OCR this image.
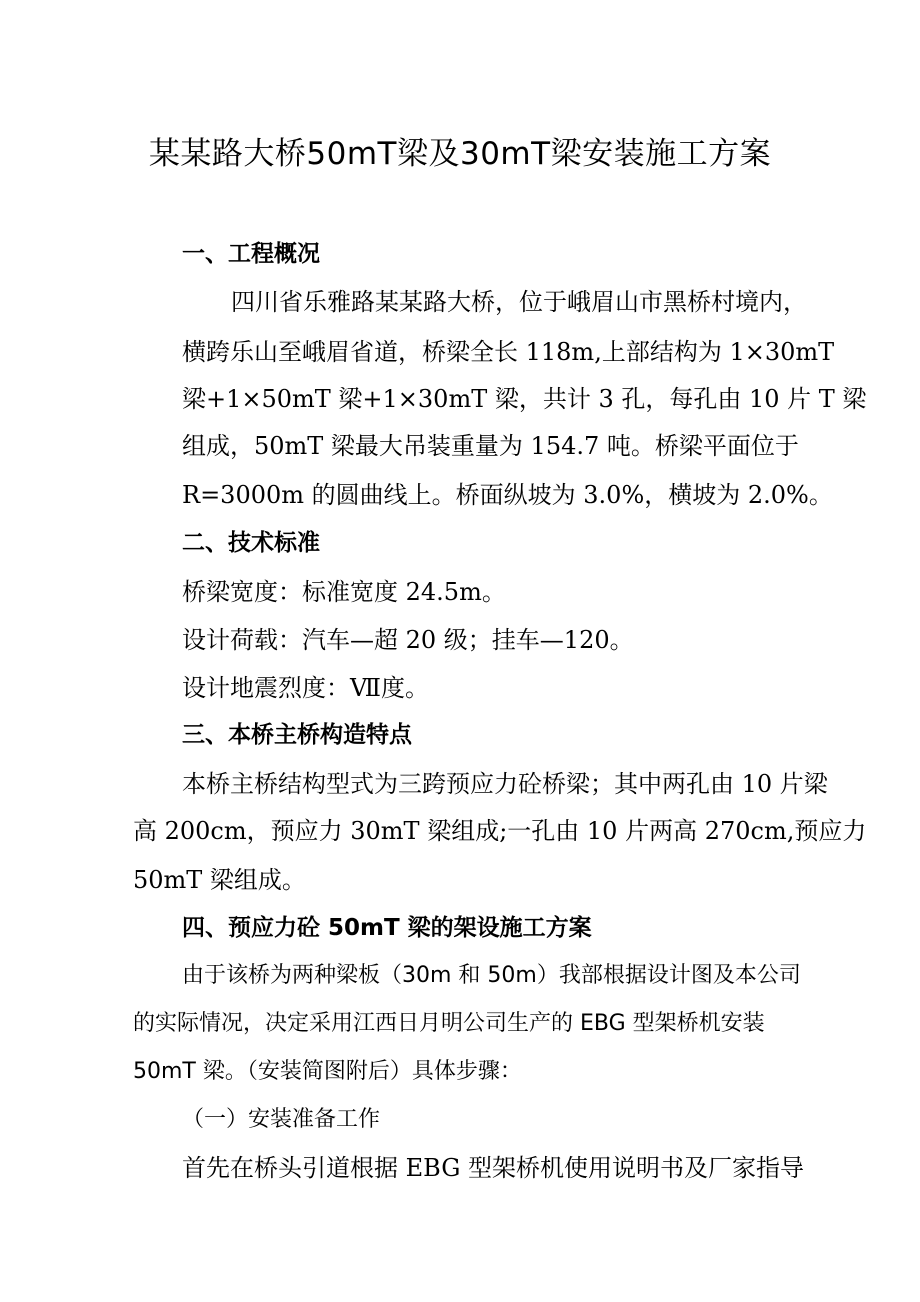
某某路大桥50mT梁及30mT梁安装施工方案
一、工程概况
四川省乐雅路某某路大桥，位于峨眉山市黑桥村境内，
横跨乐山至峨眉省道，桥梁全长 118m,上部结构为 1×30mT
梁+1×50mT 梁+1×30mT 梁，共计 3 孔，每孔由 10 片 T 梁
组成，50mT 梁最大吊装重量为 154.7 吨。桥梁平面位于
R=3000m 的圆曲线上。桥面纵坡为 3.0%，横坡为 2.0%。
二、技术标准
桥梁宽度：标准宽度 24.5m。
设计荷载：汽车—超 20 级；挂车—120。
设计地震烈度：Ⅶ度。
三、本桥主桥构造特点
本桥主桥结构型式为三跨预应力砼桥梁；其中两孔由 10 片梁
高 200cm，预应力 30mT 梁组成;一孔由 10 片两高 270cm,预应力
50mT 梁组成。
四、预应力砼 50mT 梁的架设施工方案
由于该桥为两种梁板（30m 和 50m）我部根据设计图及本公司
的实际情况，决定采用江西日月明公司生产的 EBG 型架桥机安装
50mT 梁。（安装简图附后）具体步骤：
（一）安装准备工作
首先在桥头引道根据 EBG 型架桥机使用说明书及厂家指导
